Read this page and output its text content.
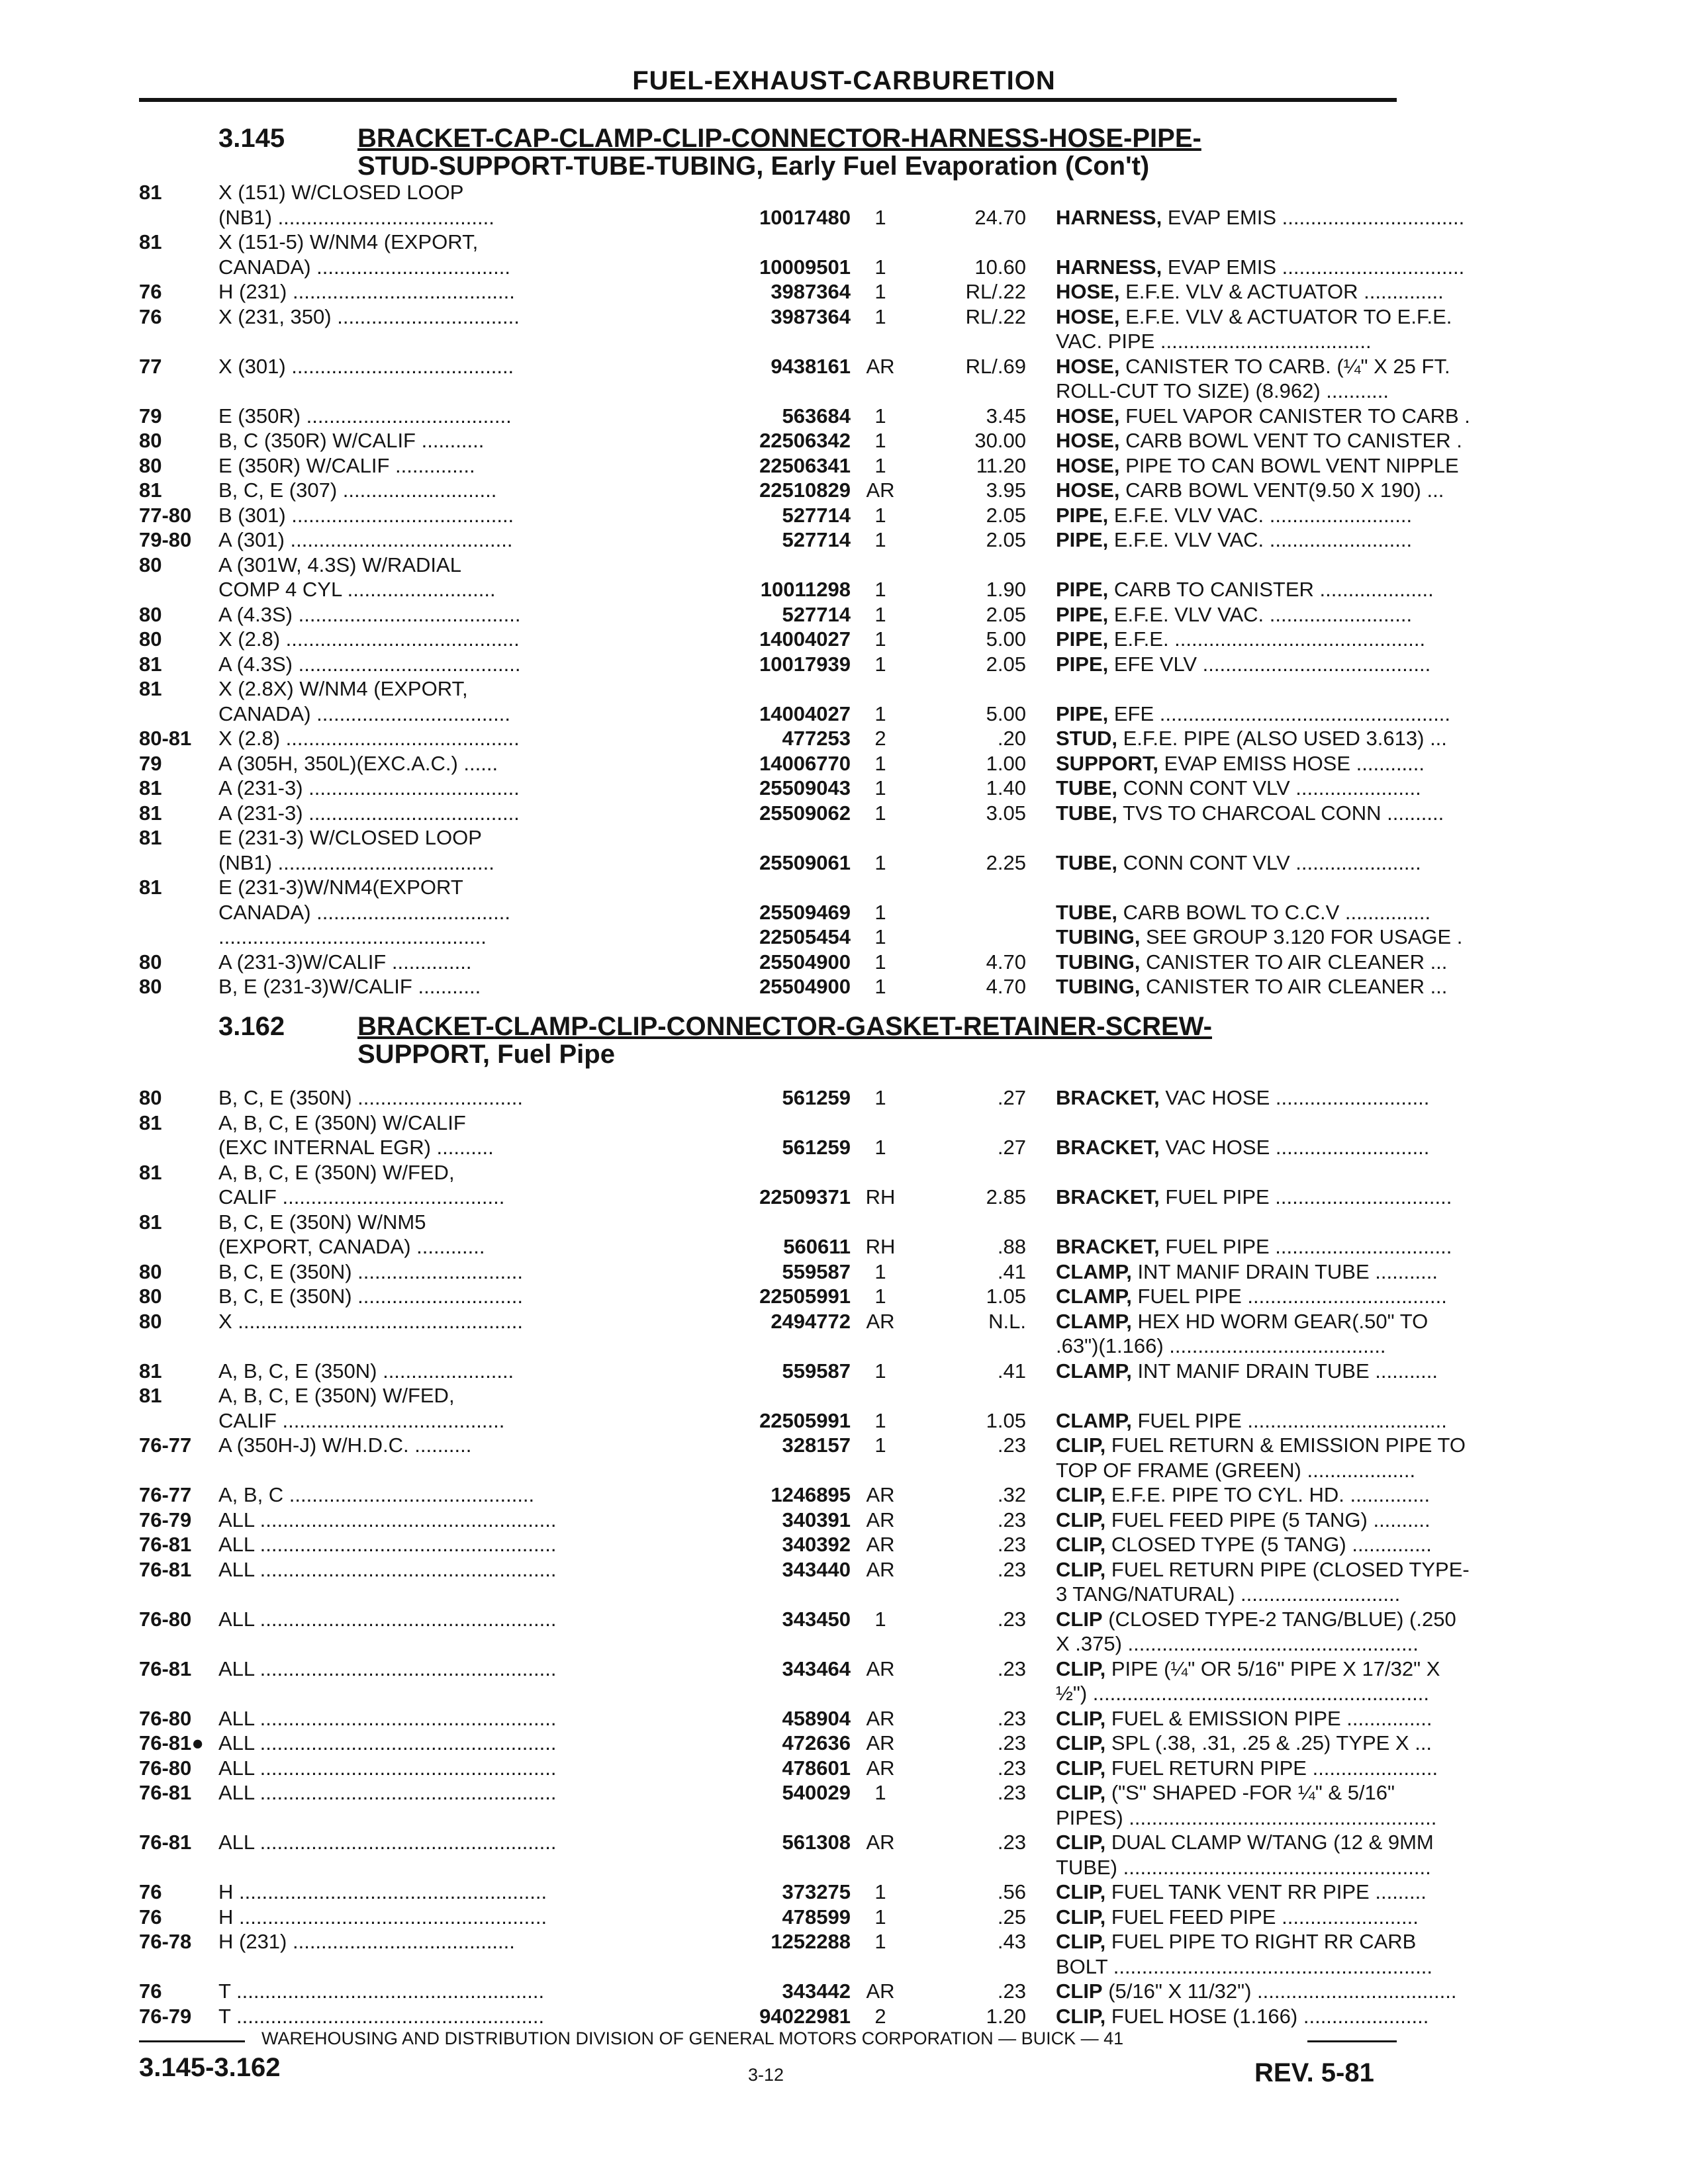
FUEL-EXHAUST-CARBURETION
3.145	BRACKET-CAP-CLAMP-CLIP-CONNECTOR-HARNESS-HOSE-PIPE-
STUD-SUPPORT-TUBE-TUBING, Early Fuel Evaporation (Con't)
3.162	BRACKET-CLAMP-CLIP-CONNECTOR-GASKET-RETAINER-SCREW-
SUPPORT, Fuel Pipe
81	X (151) W/CLOSED LOOP
(NB1) ......................................	10017480	1	24.70 HARNESS, EVAP EMIS ................................
81	X (151-5) W/NM4 (EXPORT,
CANADA) ..................................	10009501	1	10.60 HARNESS, EVAP EMIS ................................
76	H (231) .......................................	3987364	1	RL/.22 HOSE, E.F.E. VLV & ACTUATOR ..............
76	X (231, 350) ................................	3987364	1	RL/.22 HOSE, E.F.E. VLV & ACTUATOR TO E.F.E.
VAC. PIPE .....................................
77	X (301) .......................................	9438161 AR	RL/.69 HOSE, CANISTER TO CARB. (¼" X 25 FT.
ROLL-CUT TO SIZE) (8.962) ...........
79	E (350R) ....................................	563684	1	3.45 HOSE, FUEL VAPOR CANISTER TO CARB .
80	B, C (350R) W/CALIF ...........	22506342	1	30.00 HOSE, CARB BOWL VENT TO CANISTER .
80	E (350R) W/CALIF ..............	22506341	1	11.20 HOSE, PIPE TO CAN BOWL VENT NIPPLE
81	B, C, E (307) ...........................	22510829 AR	3.95 HOSE, CARB BOWL VENT(9.50 X 190) ...
77-80 B (301) .......................................	527714	1	2.05 PIPE, E.F.E. VLV VAC. .........................
79-80 A (301) .......................................	527714	1	2.05 PIPE, E.F.E. VLV VAC. .........................
80	A (301W, 4.3S) W/RADIAL
COMP 4 CYL ..........................	10011298	1	1.90 PIPE, CARB TO CANISTER ....................
80	A (4.3S) .......................................	527714	1	2.05 PIPE, E.F.E. VLV VAC. .........................
80	X (2.8) .........................................	14004027	1	5.00 PIPE, E.F.E. ............................................
81	A (4.3S) .......................................	10017939	1	2.05 PIPE, EFE VLV ........................................
81	X (2.8X) W/NM4 (EXPORT,
CANADA) ..................................	14004027	1	5.00 PIPE, EFE ...................................................
80-81 X (2.8) .........................................	477253	2	.20 STUD, E.F.E. PIPE (ALSO USED 3.613) ...
79	A (305H, 350L)(EXC.A.C.) ......	14006770	1	1.00 SUPPORT, EVAP EMISS HOSE ............
81	A (231-3) .....................................	25509043	1	1.40 TUBE, CONN CONT VLV ......................
81	A (231-3) .....................................	25509062	1	3.05 TUBE, TVS TO CHARCOAL CONN ..........
81	E (231-3) W/CLOSED LOOP
(NB1) ......................................	25509061	1	2.25 TUBE, CONN CONT VLV ......................
81	E (231-3)W/NM4(EXPORT
CANADA) ..................................	25509469	1	TUBE, CARB BOWL TO C.C.V ...............
...............................................	22505454	1	TUBING, SEE GROUP 3.120 FOR USAGE .
80	A (231-3)W/CALIF ..............	25504900	1	4.70 TUBING, CANISTER TO AIR CLEANER ...
80	B, E (231-3)W/CALIF ...........	25504900	1	4.70 TUBING, CANISTER TO AIR CLEANER ...
80	B, C, E (350N) .............................	561259	1	.27 BRACKET, VAC HOSE ...........................
81	A, B, C, E (350N) W/CALIF
(EXC INTERNAL EGR) ..........	561259	1	.27 BRACKET, VAC HOSE ...........................
81	A, B, C, E (350N) W/FED,
CALIF .......................................	22509371 RH	2.85 BRACKET, FUEL PIPE ...............................
81	B, C, E (350N) W/NM5
(EXPORT, CANADA) ............	560611 RH	.88 BRACKET, FUEL PIPE ...............................
80	B, C, E (350N) .............................	559587	1	.41 CLAMP, INT MANIF DRAIN TUBE ...........
80	B, C, E (350N) .............................	22505991	1	1.05 CLAMP, FUEL PIPE ...................................
80	X ..................................................	2494772 AR	N.L. CLAMP, HEX HD WORM GEAR(.50" TO
.63")(1.166) ......................................
81	A, B, C, E (350N) .......................	559587	1	.41 CLAMP, INT MANIF DRAIN TUBE ...........
81	A, B, C, E (350N) W/FED,
CALIF .......................................	22505991	1	1.05 CLAMP, FUEL PIPE ...................................
76-77 A (350H-J) W/H.D.C. ..........	328157	1	.23 CLIP, FUEL RETURN & EMISSION PIPE TO
TOP OF FRAME (GREEN) ...................
76-77 A, B, C ...........................................	1246895 AR	.32 CLIP, E.F.E. PIPE TO CYL. HD. ..............
76-79 ALL ....................................................	340391 AR	.23 CLIP, FUEL FEED PIPE (5 TANG) ..........
76-81 ALL ....................................................	340392 AR	.23 CLIP, CLOSED TYPE (5 TANG) ..............
76-81 ALL ....................................................	343440 AR	.23 CLIP, FUEL RETURN PIPE (CLOSED TYPE-
3 TANG/NATURAL) ............................
76-80 ALL ....................................................	343450	1	.23 CLIP (CLOSED TYPE-2 TANG/BLUE) (.250
X .375) ...................................................
76-81 ALL ....................................................	343464 AR	.23 CLIP, PIPE (¼" OR 5/16" PIPE X 17/32" X
½") ...........................................................
76-80 ALL ....................................................	458904 AR	.23 CLIP, FUEL & EMISSION PIPE ...............
76-81● ALL ....................................................	472636 AR	.23 CLIP, SPL (.38, .31, .25 & .25) TYPE X ...
76-80 ALL ....................................................	478601 AR	.23 CLIP, FUEL RETURN PIPE ......................
76-81 ALL ....................................................	540029	1	.23 CLIP, ("S" SHAPED -FOR ¼" & 5/16"
PIPES) ......................................................
76-81 ALL ....................................................	561308 AR	.23 CLIP, DUAL CLAMP W/TANG (12 & 9MM
TUBE) ......................................................
76	H ......................................................	373275	1	.56 CLIP, FUEL TANK VENT RR PIPE .........
76	H ......................................................	478599	1	.25 CLIP, FUEL FEED PIPE ........................
76-78 H (231) .......................................	1252288	1	.43 CLIP, FUEL PIPE TO RIGHT RR CARB
BOLT ........................................................
76	T ......................................................	343442 AR	.23 CLIP (5/16" X 11/32") ...................................
76-79 T ......................................................	94022981	2	1.20 CLIP, FUEL HOSE (1.166) ......................
WAREHOUSING AND DISTRIBUTION DIVISION OF GENERAL MOTORS CORPORATION — BUICK — 41
3.145-3.162	3-12	REV. 5-81
